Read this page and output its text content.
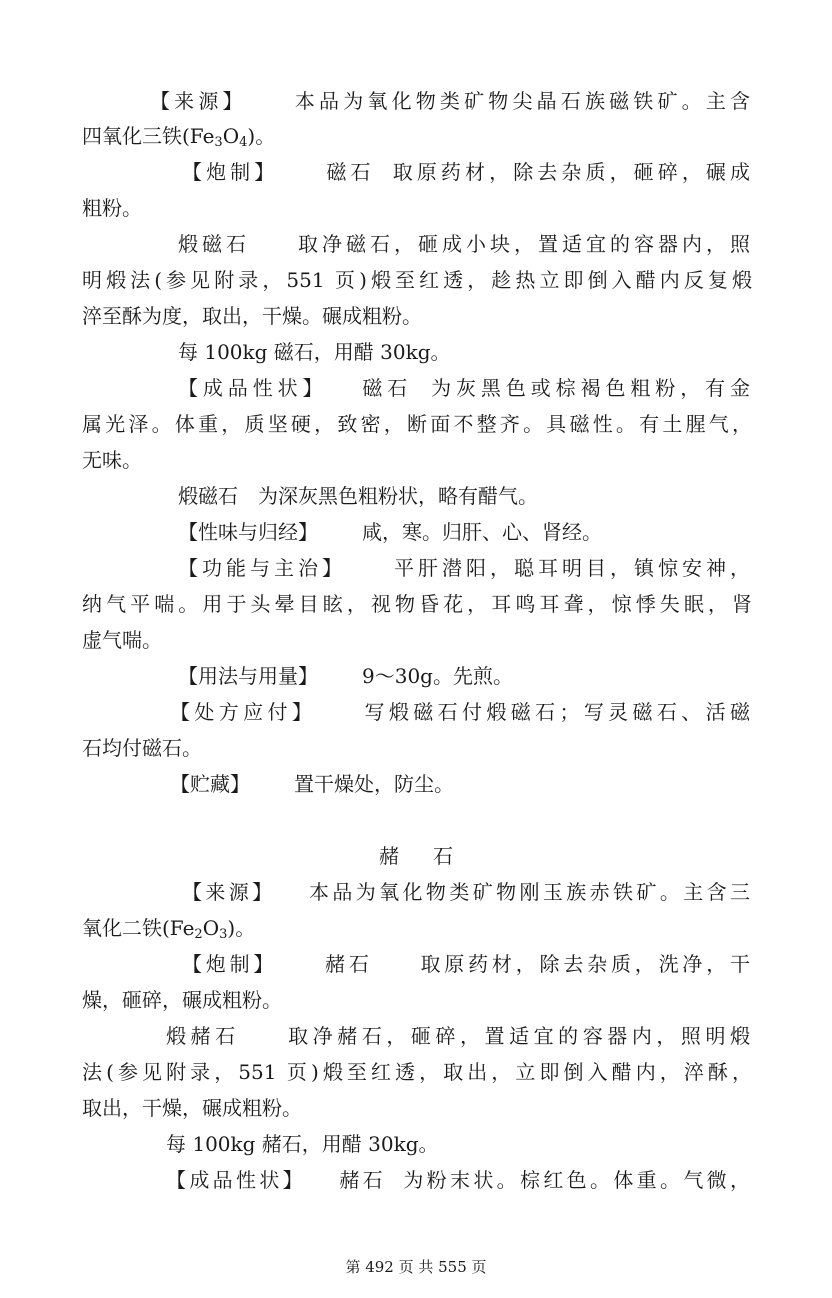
【来源】 本品为氧化物类矿物尖晶石族磁铁矿。主含
四氧化三铁$(Fe_3O_4)$。
【炮制】 磁石 取原药材，除去杂质，砸碎，碾成
粗粉。
煅磁石 取净磁石，砸成小块，置适宜的容器内，照
明煅法(参见附录，551 页)煅至红透，趁热立即倒入醋内反复煅
淬至酥为度，取出，干燥。碾成粗粉。
每 100kg 磁石，用醋 30kg。
【成品性状】 磁石 为灰黑色或棕褐色粗粉，有金
属光泽。体重，质坚硬，致密，断面不整齐。具磁性。有土腥气，
无味。
煅磁石　为深灰黑色粗粉状，略有醋气。
【性味与归经】 咸，寒。归肝、心、肾经。
【功能与主治】 平肝潜阳，聪耳明目，镇惊安神，
纳气平喘。用于头晕目眩，视物昏花，耳鸣耳聋，惊悸失眠，肾
虚气喘。
【用法与用量】 9～30g。先煎。
【处方应付】 写煅磁石付煅磁石；写灵磁石、活磁
石均付磁石。
【贮藏】 置干燥处，防尘。
赭石
【来源】 本品为氧化物类矿物刚玉族赤铁矿。主含三
氧化二铁$(Fe_2O_3)$。
【炮制】 赭石 取原药材，除去杂质，洗净，干
燥，砸碎，碾成粗粉。
煅赭石 取净赭石，砸碎，置适宜的容器内，照明煅
法(参见附录，551 页)煅至红透，取出，立即倒入醋内，淬酥，
取出，干燥，碾成粗粉。
每 100kg 赭石，用醋 30kg。
【成品性状】 赭石 为粉末状。棕红色。体重。气微，
第 492 页 共 555 页
